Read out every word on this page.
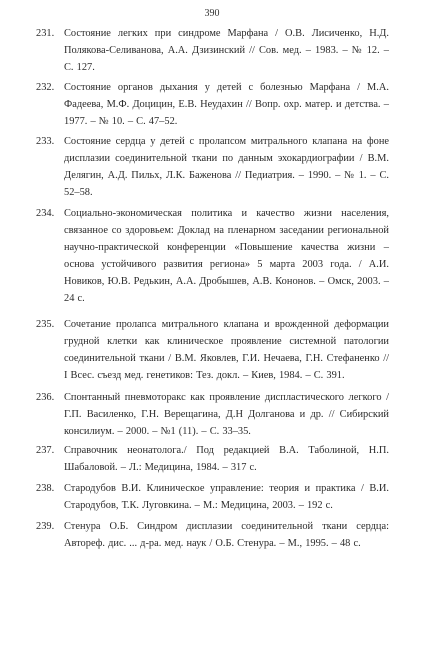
390
231. Состояние легких при синдроме Марфана / О.В. Лисиченко, Н.Д. Полякова-Селиванова, А.А. Дзизинский // Сов. мед. – 1983. – № 12. – С. 127.
232. Состояние органов дыхания у детей с болезнью Марфана / М.А. Фадеева, М.Ф. Доцицин, Е.В. Неудахин // Вопр. охр. матер. и детства. – 1977. – № 10. – С. 47–52.
233. Состояние сердца у детей с пролапсом митрального клапана на фоне дисплазии соединительной ткани по данным эхокардиографии / В.М. Делягин, А.Д. Пильх, Л.К. Баженова // Педиатрия. – 1990. – № 1. – С. 52–58.
234. Социально-экономическая политика и качество жизни населения, связанное со здоровьем: Доклад на пленарном заседании региональной научно-практической конференции «Повышение качества жизни – основа устойчивого развития региона» 5 марта 2003 года. / А.И. Новиков, Ю.В. Редькин, А.А. Дробышев, А.В. Кононов. – Омск, 2003. – 24 с.
235. Сочетание пролапса митрального клапана и врожденной деформации грудной клетки как клиническое проявление системной патологии соединительной ткани / В.М. Яковлев, Г.И. Нечаева, Г.Н. Стефаненко // I Всес. съезд мед. генетиков: Тез. докл. – Киев, 1984. – С. 391.
236. Спонтанный пневмоторакс как проявление диспластического легкого / Г.П. Василенко, Г.Н. Верещагина, Д.Н Долганова и др. // Сибирский консилиум. – 2000. – №1 (11). – С. 33–35.
237. Справочник неонатолога./ Под редакцией В.А. Таболиной, Н.П. Шабаловой. – Л.: Медицина, 1984. – 317 с.
238. Стародубов В.И. Клиническое управление: теория и практика / В.И. Стародубов, Т.К. Луговкина. – М.: Медицина, 2003. – 192 с.
239. Стенура О.Б. Синдром дисплазии соединительной ткани сердца: Автореф. дис. ... д-ра. мед. наук / О.Б. Стенура. – М., 1995. – 48 с.
